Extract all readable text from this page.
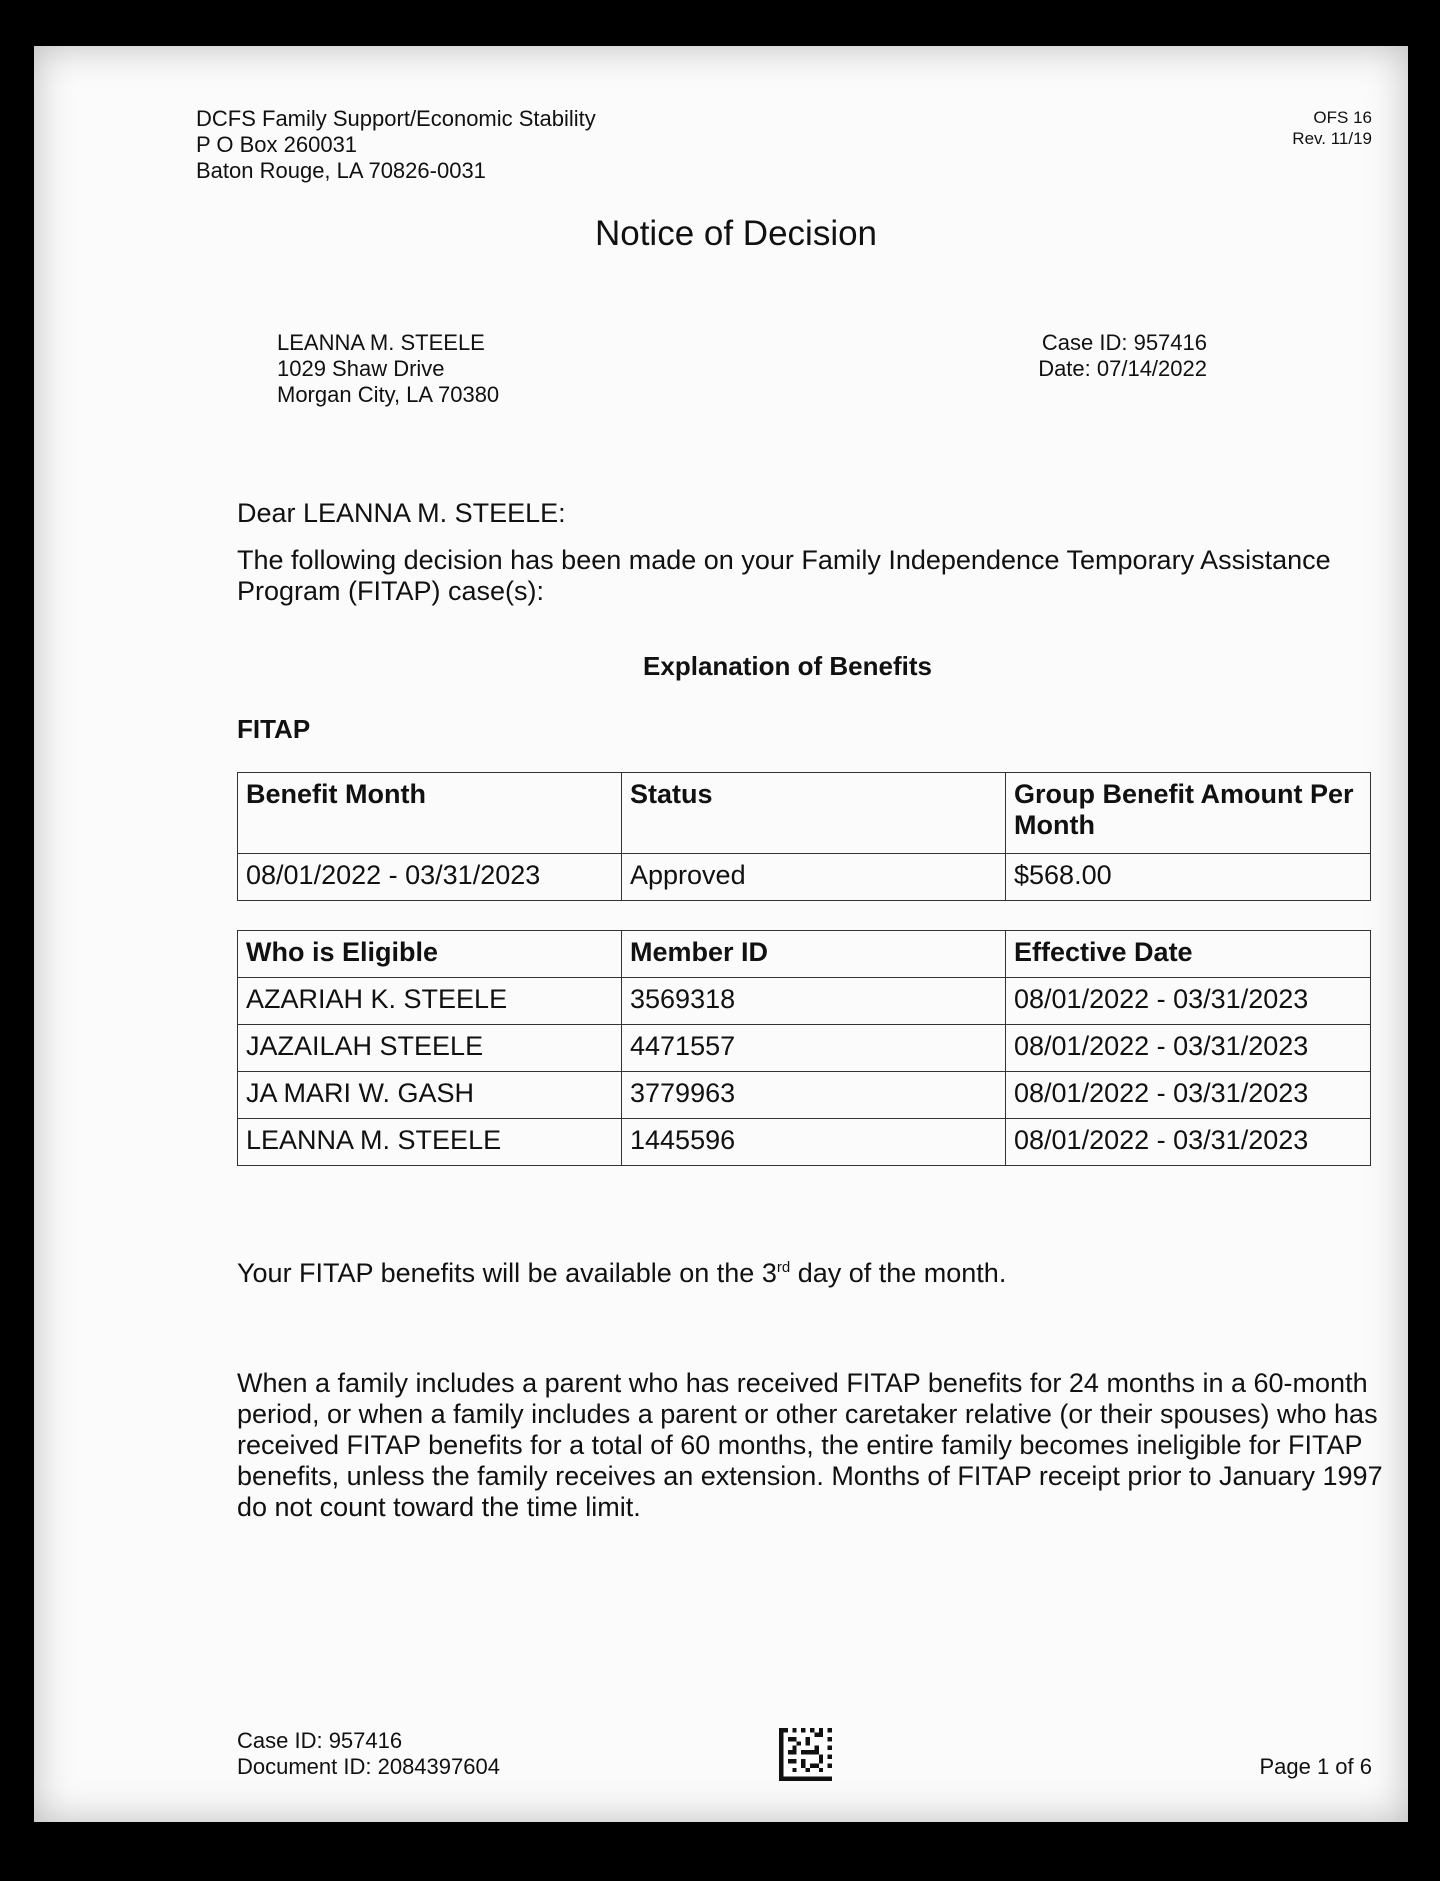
DCFS Family Support/Economic Stability
P O Box 260031
Baton Rouge, LA 70826-0031
OFS 16
Rev. 11/19
Notice of Decision
LEANNA M. STEELE
1029 Shaw Drive
Morgan City, LA 70380
Case ID: 957416
Date: 07/14/2022
Dear LEANNA M. STEELE:
The following decision has been made on your Family Independence Temporary Assistance Program (FITAP) case(s):
Explanation of Benefits
FITAP
Benefit Month	Status	Group Benefit Amount Per Month
08/01/2022 - 03/31/2023	Approved	$568.00
Who is Eligible	Member ID	Effective Date
AZARIAH K. STEELE	3569318	08/01/2022 - 03/31/2023
JAZAILAH STEELE	4471557	08/01/2022 - 03/31/2023
JA MARI W. GASH	3779963	08/01/2022 - 03/31/2023
LEANNA M. STEELE	1445596	08/01/2022 - 03/31/2023
Your FITAP benefits will be available on the 3rd day of the month.
When a family includes a parent who has received FITAP benefits for 24 months in a 60-month period, or when a family includes a parent or other caretaker relative (or their spouses) who has received FITAP benefits for a total of 60 months, the entire family becomes ineligible for FITAP benefits, unless the family receives an extension. Months of FITAP receipt prior to January 1997 do not count toward the time limit.
Case ID: 957416
Document ID: 2084397604	Page 1 of 6
